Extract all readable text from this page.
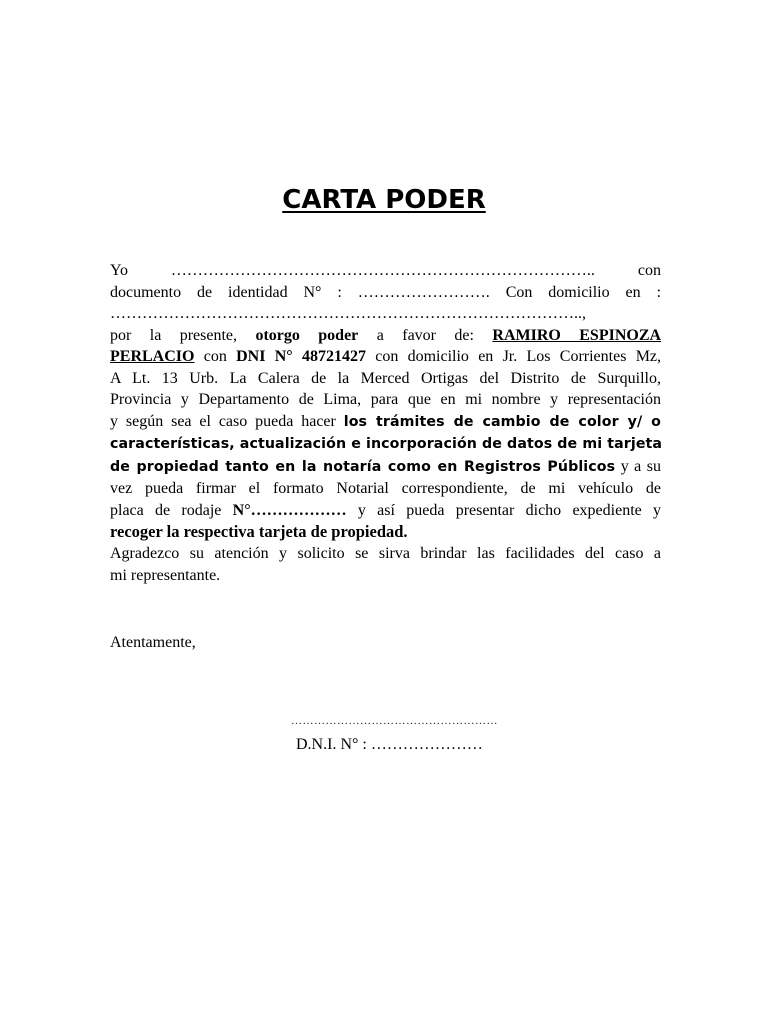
CARTA PODER
Yo	……………………………………………………………………..	con
documento de identidad N° : ……………………. Con domicilio en :
……………………………………………………………………………..,
por la presente, otorgo poder a favor de: RAMIRO ESPINOZA
PERLACIO con DNI N° 48721427 con domicilio en Jr. Los Corrientes Mz,
A Lt. 13 Urb. La Calera de la Merced Ortigas del Distrito de Surquillo,
Provincia y Departamento de Lima, para que en mi nombre y representación
y según sea el caso pueda hacer los trámites de cambio de color y/ o
características, actualización e incorporación de datos de mi tarjeta
de propiedad tanto en la notaría como en Registros Públicos y a su
vez pueda firmar el formato Notarial correspondiente, de mi vehículo de
placa de rodaje N°……………… y así pueda presentar dicho expediente y
recoger la respectiva tarjeta de propiedad.
Agradezco su atención y solicito se sirva brindar las facilidades del caso a
mi representante.
Atentamente,
………………………………………………
D.N.I. N° : …………………
